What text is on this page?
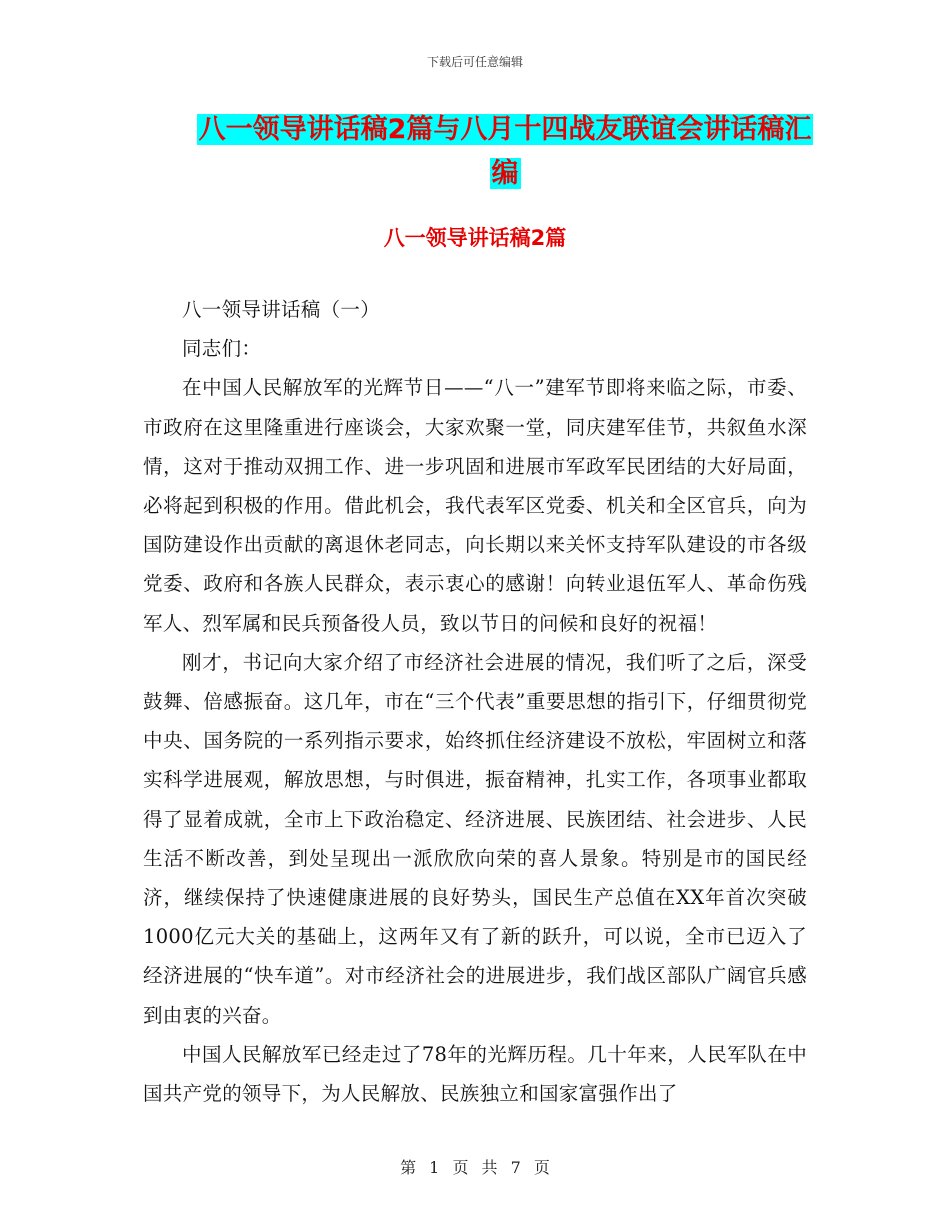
下载后可任意编辑
八一领导讲话稿2篇与八月十四战友联谊会讲话稿汇编
八一领导讲话稿2篇

八一领导讲话稿（一）

同志们：

在中国人民解放军的光辉节日——“八一”建军节即将来临之际，市委、市政府在这里隆重进行座谈会，大家欢聚一堂，同庆建军佳节，共叙鱼水深情，这对于推动双拥工作、进一步巩固和进展市军政军民团结的大好局面，必将起到积极的作用。借此机会，我代表军区党委、机关和全区官兵，向为国防建设作出贡献的离退休老同志，向长期以来关怀支持军队建设的市各级党委、政府和各族人民群众，表示衷心的感谢！向转业退伍军人、革命伤残军人、烈军属和民兵预备役人员，致以节日的问候和良好的祝福！

刚才，书记向大家介绍了市经济社会进展的情况，我们听了之后，深受鼓舞、倍感振奋。这几年，市在“三个代表”重要思想的指引下，仔细贯彻党中央、国务院的一系列指示要求，始终抓住经济建设不放松，牢固树立和落实科学进展观，解放思想，与时俱进，振奋精神，扎实工作，各项事业都取得了显着成就，全市上下政治稳定、经济进展、民族团结、社会进步、人民生活不断改善，到处呈现出一派欣欣向荣的喜人景象。特别是市的国民经济，继续保持了快速健康进展的良好势头，国民生产总值在XX年首次突破1000亿元大关的基础上，这两年又有了新的跃升，可以说，全市已迈入了经济进展的“快车道”。对市经济社会的进展进步，我们战区部队广阔官兵感到由衷的兴奋。

中国人民解放军已经走过了78年的光辉历程。几十年来，人民军队在中国共产党的领导下，为人民解放、民族独立和国家富强作出了

第 1 页 共 7 页
